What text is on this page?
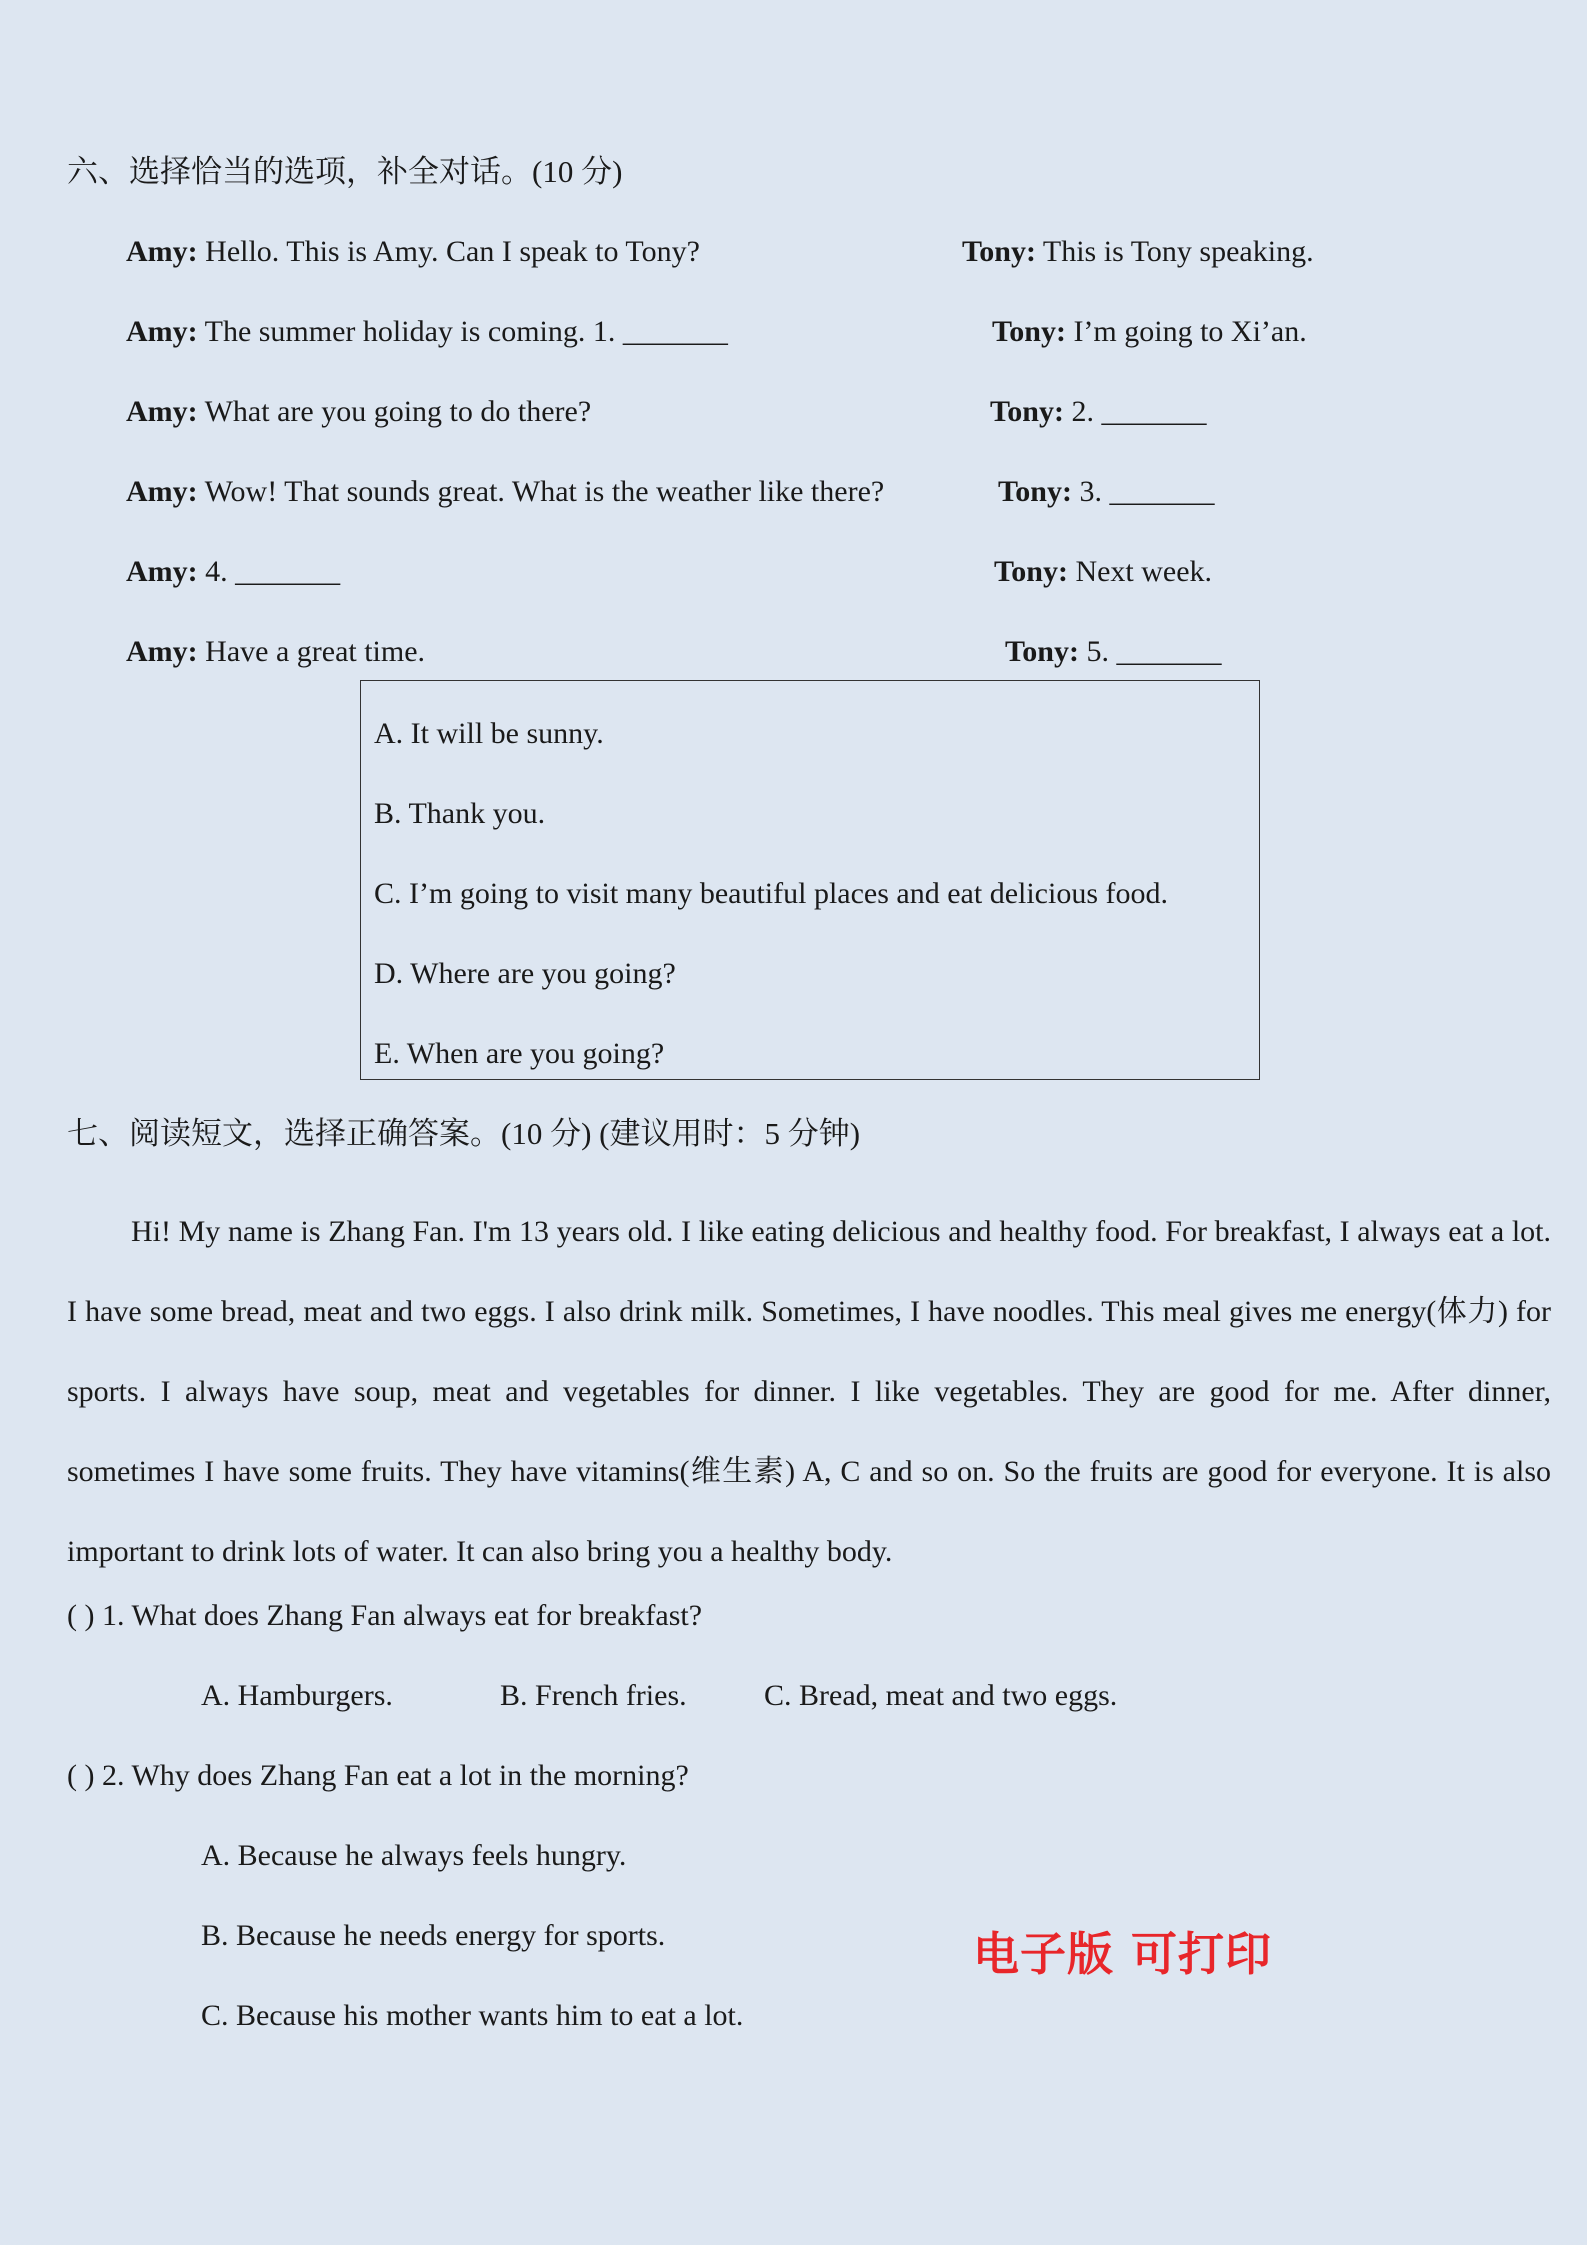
六、选择恰当的选项，补全对话。(10 分)
Amy: Hello. This is Amy. Can I speak to Tony?	Tony: This is Tony speaking.
Amy: The summer holiday is coming. 1. _______	Tony: I’m going to Xi’an.
Amy: What are you going to do there?	Tony: 2. _______
Amy: Wow! That sounds great. What is the weather like there?	Tony: 3. _______
Amy: 4. _______	Tony: Next week.
Amy: Have a great time.	Tony: 5. _______
A. It will be sunny.
B. Thank you.
C. I’m going to visit many beautiful places and eat delicious food.
D. Where are you going?
E. When are you going?
七、阅读短文，选择正确答案。(10 分) (建议用时：5 分钟)
Hi! My name is Zhang Fan. I'm 13 years old. I like eating delicious and healthy food. For breakfast, I always eat a lot. I have some bread, meat and two eggs. I also drink milk. Sometimes, I have noodles. This meal gives me energy(体力) for sports. I always have soup, meat and vegetables for dinner. I like vegetables. They are good for me. After dinner, sometimes I have some fruits. They have vitamins(维生素) A, C and so on. So the fruits are good for everyone. It is also important to drink lots of water. It can also bring you a healthy body.
( ) 1. What does Zhang Fan always eat for breakfast?
A. Hamburgers.	B. French fries.	C. Bread, meat and two eggs.
( ) 2. Why does Zhang Fan eat a lot in the morning?
A. Because he always feels hungry.
B. Because he needs energy for sports.
C. Because his mother wants him to eat a lot.
电子版 可打印
